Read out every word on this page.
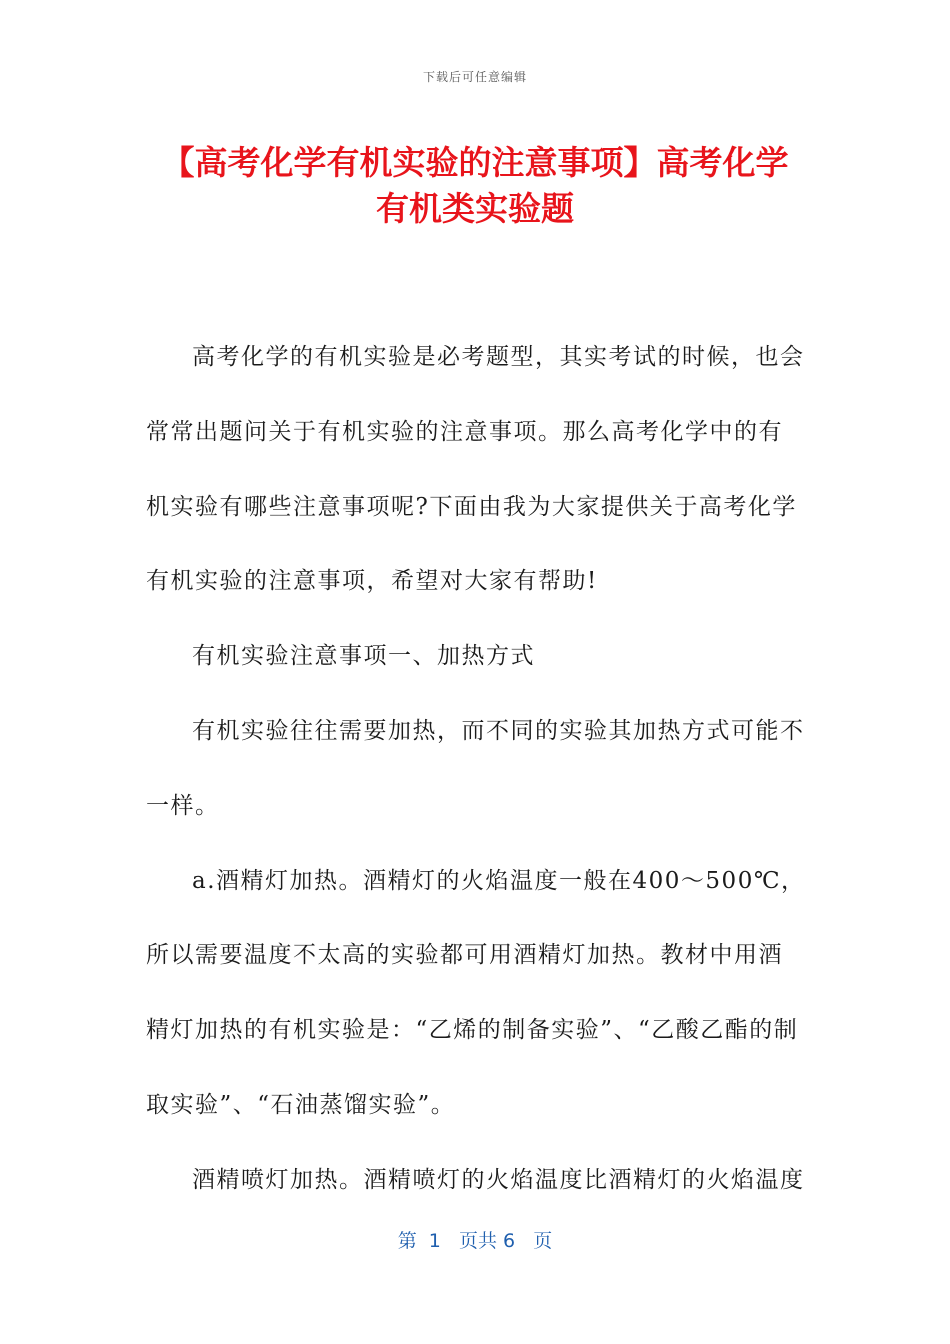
下载后可任意编辑
【高考化学有机实验的注意事项】高考化学有机类实验题

高考化学的有机实验是必考题型，其实考试的时候，也会常常出题问关于有机实验的注意事项。那么高考化学中的有机实验有哪些注意事项呢?下面由我为大家提供关于高考化学有机实验的注意事项，希望对大家有帮助!

有机实验注意事项一、加热方式

有机实验往往需要加热，而不同的实验其加热方式可能不一样。

a.酒精灯加热。酒精灯的火焰温度一般在400～500℃，所以需要温度不太高的实验都可用酒精灯加热。教材中用酒精灯加热的有机实验是：“乙烯的制备实验”、“乙酸乙酯的制取实验”、“石油蒸馏实验”。

酒精喷灯加热。酒精喷灯的火焰温度比酒精灯的火焰温度

第  1   页共 6   页
